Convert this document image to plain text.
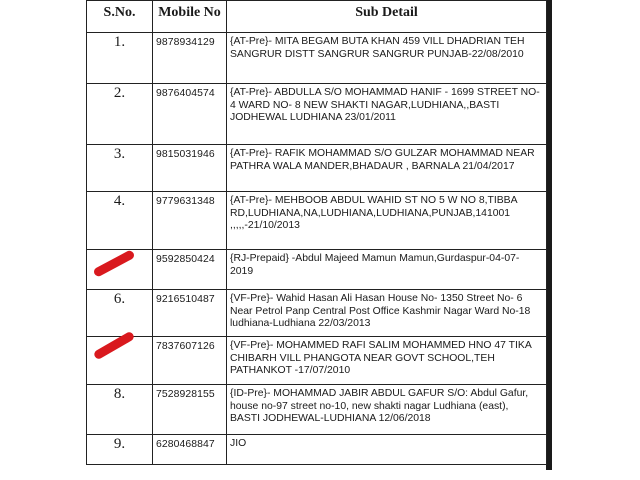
S.No.	Mobile No	Sub Detail
1.	9878934129	{AT-Pre}- MITA BEGAM BUTA KHAN 459 VILL DHADRIAN TEH SANGRUR DISTT SANGRUR SANGRUR PUNJAB-22/08/2010
2.	9876404574	{AT-Pre}- ABDULLA S/O MOHAMMAD HANIF - 1699 STREET NO- 4 WARD NO- 8 NEW SHAKTI NAGAR,LUDHIANA,,BASTI JODHEWAL LUDHIANA 23/01/2011
3.	9815031946	{AT-Pre}- RAFIK MOHAMMAD S/O GULZAR MOHAMMAD NEAR PATHRA WALA MANDER,BHADAUR , BARNALA 21/04/2017
4.	9779631348	{AT-Pre}- MEHBOOB ABDUL WAHID ST NO 5 W NO 8,TIBBA RD,LUDHIANA,NA,LUDHIANA,LUDHIANA,PUNJAB,141001 ,,,,,-21/10/2013
	9592850424	{RJ-Prepaid} -Abdul Majeed Mamun Mamun,Gurdaspur-04-07-2019
6.	9216510487	{VF-Pre}- Wahid Hasan Ali Hasan House No- 1350 Street No- 6 Near Petrol Panp Central Post Office Kashmir Nagar Ward No-18 ludhiana-Ludhiana 22/03/2013
	7837607126	{VF-Pre}- MOHAMMED RAFI SALIM MOHAMMED HNO 47 TIKA CHIBARH VILL PHANGOTA NEAR GOVT SCHOOL,TEH PATHANKOT -17/07/2010
8.	7528928155	{ID-Pre}- MOHAMMAD JABIR ABDUL GAFUR S/O: Abdul Gafur, house no-97 street no-10, new shakti nagar Ludhiana (east), BASTI JODHEWAL-LUDHIANA 12/06/2018
9.	6280468847	JIO
